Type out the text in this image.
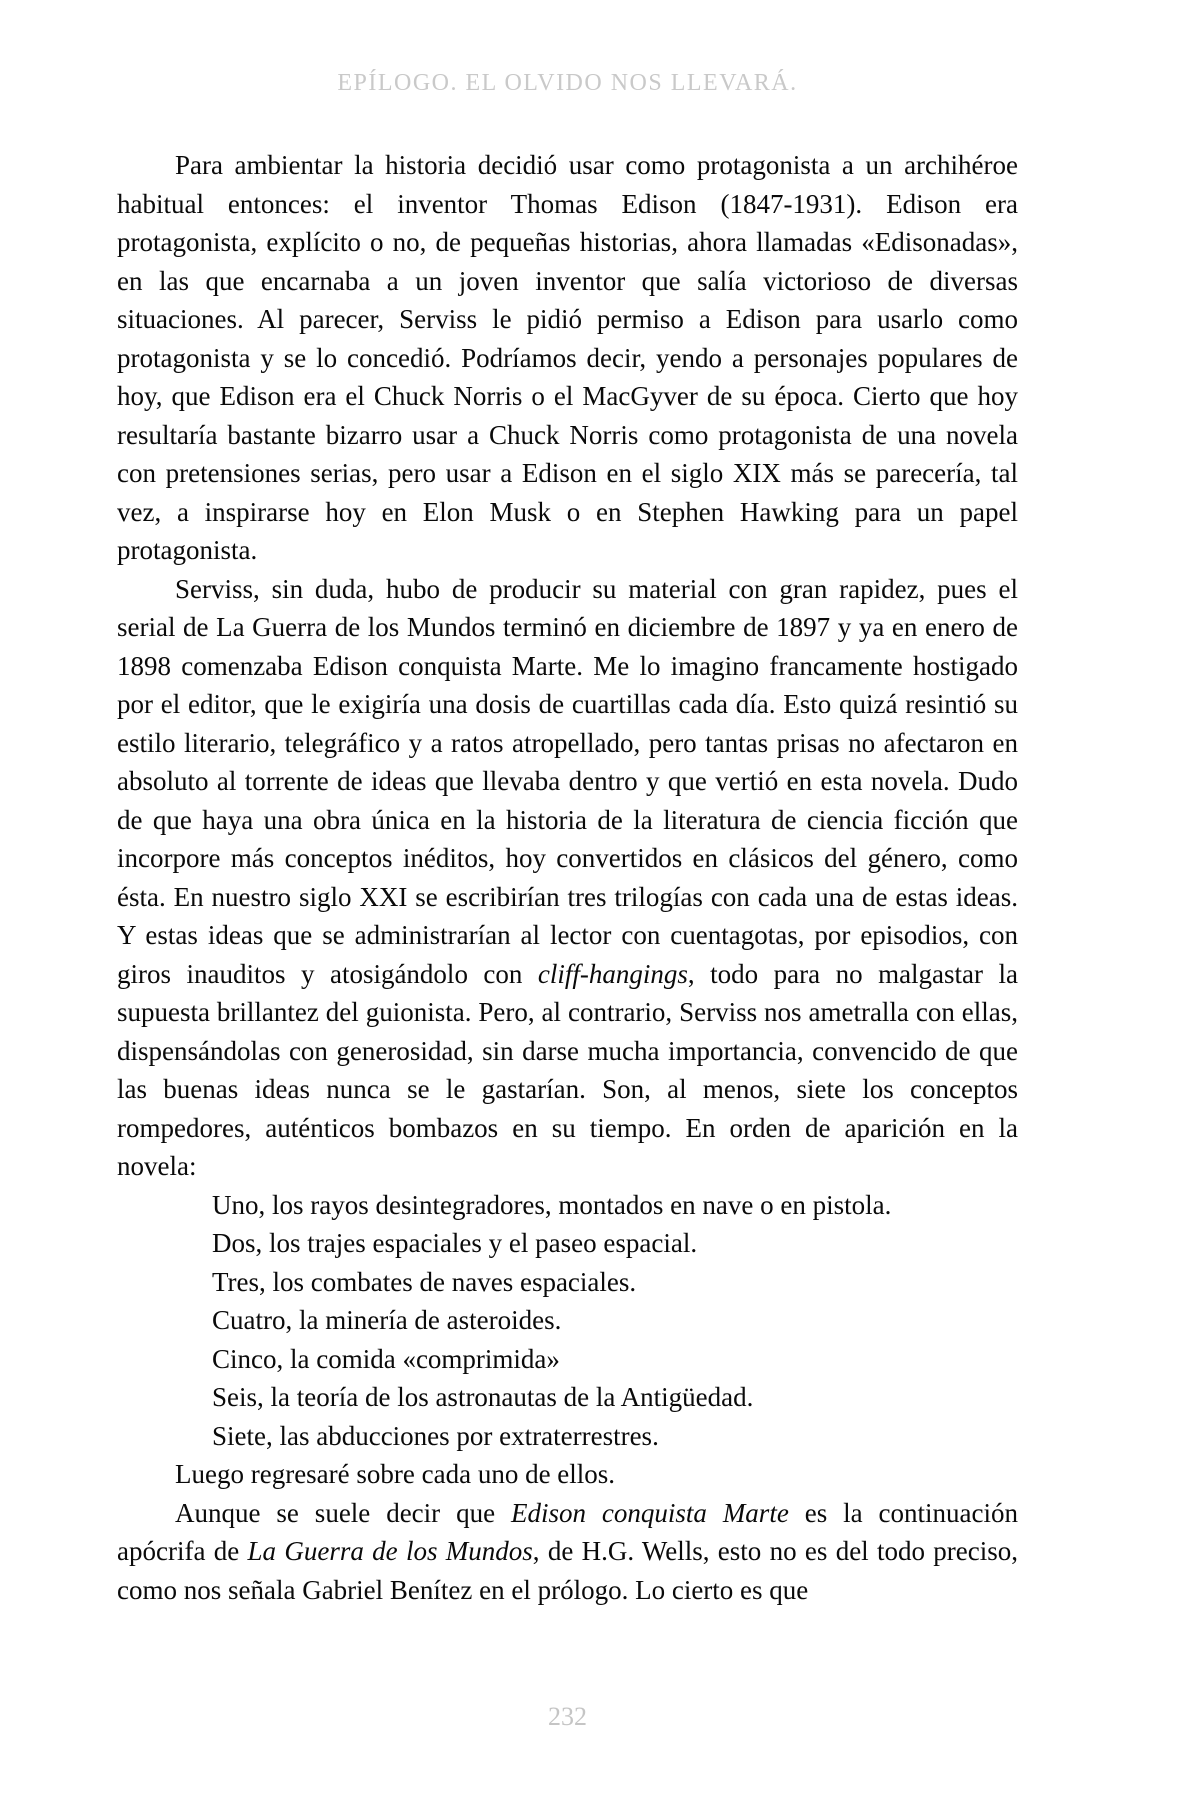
EPÍLOGO. EL OLVIDO NOS LLEVARÁ.

Para ambientar la historia decidió usar como protagonista a un archihéroe habitual entonces: el inventor Thomas Edison (1847-1931). Edison era protagonista, explícito o no, de pequeñas historias, ahora llamadas «Edisonadas», en las que encarnaba a un joven inventor que salía victorioso de diversas situaciones. Al parecer, Serviss le pidió permiso a Edison para usarlo como protagonista y se lo concedió. Podríamos decir, yendo a personajes populares de hoy, que Edison era el Chuck Norris o el MacGyver de su época. Cierto que hoy resultaría bastante bizarro usar a Chuck Norris como protagonista de una novela con pretensiones serias, pero usar a Edison en el siglo XIX más se parecería, tal vez, a inspirarse hoy en Elon Musk o en Stephen Hawking para un papel protagonista.

Serviss, sin duda, hubo de producir su material con gran rapidez, pues el serial de La Guerra de los Mundos terminó en diciembre de 1897 y ya en enero de 1898 comenzaba Edison conquista Marte. Me lo imagino francamente hostigado por el editor, que le exigiría una dosis de cuartillas cada día. Esto quizá resintió su estilo literario, telegráfico y a ratos atropellado, pero tantas prisas no afectaron en absoluto al torrente de ideas que llevaba dentro y que vertió en esta novela. Dudo de que haya una obra única en la historia de la literatura de ciencia ficción que incorpore más conceptos inéditos, hoy convertidos en clásicos del género, como ésta. En nuestro siglo XXI se escribirían tres trilogías con cada una de estas ideas. Y estas ideas que se administrarían al lector con cuentagotas, por episodios, con giros inauditos y atosigándolo con cliff-hangings, todo para no malgastar la supuesta brillantez del guionista. Pero, al contrario, Serviss nos ametralla con ellas, dispensándolas con generosidad, sin darse mucha importancia, convencido de que las buenas ideas nunca se le gastarían. Son, al menos, siete los conceptos rompedores, auténticos bombazos en su tiempo. En orden de aparición en la novela:

Uno, los rayos desintegradores, montados en nave o en pistola.

Dos, los trajes espaciales y el paseo espacial.

Tres, los combates de naves espaciales.

Cuatro, la minería de asteroides.

Cinco, la comida «comprimida»

Seis, la teoría de los astronautas de la Antigüedad.

Siete, las abducciones por extraterrestres.

Luego regresaré sobre cada uno de ellos.

Aunque se suele decir que Edison conquista Marte es la continuación apócrifa de La Guerra de los Mundos, de H.G. Wells, esto no es del todo preciso, como nos señala Gabriel Benítez en el prólogo. Lo cierto es que

232
